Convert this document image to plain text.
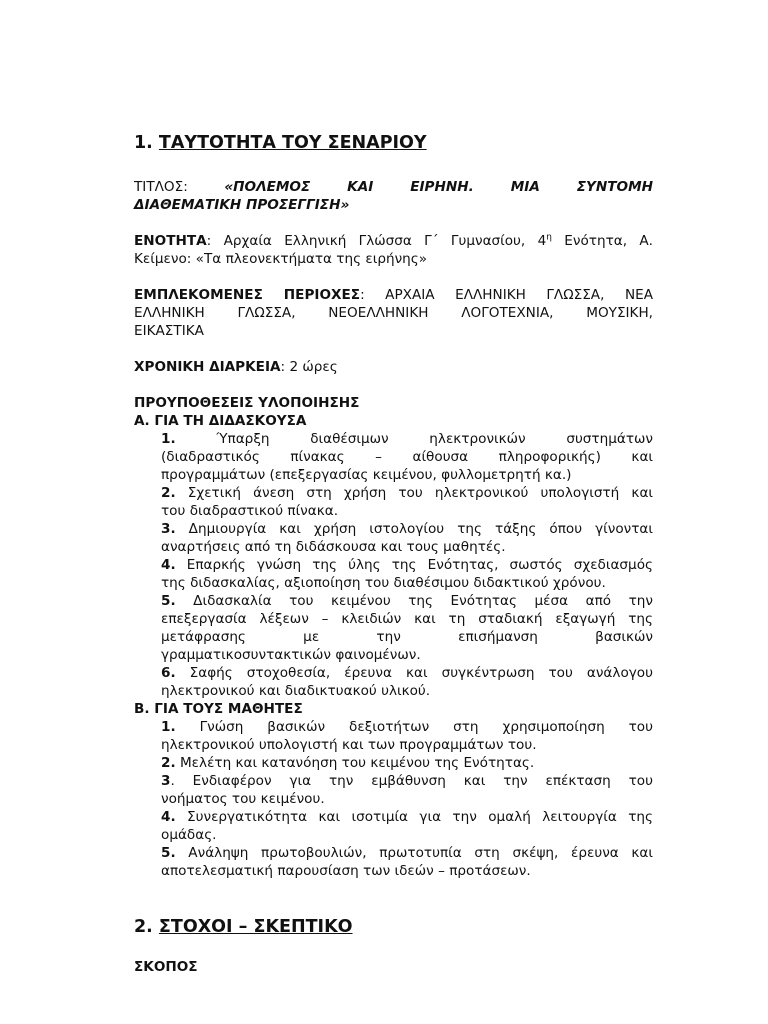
1. ΤΑΥΤΟΤΗΤΑ ΤΟΥ ΣΕΝΑΡΙΟΥ
ΤΙΤΛΟΣ:	«ΠΟΛΕΜΟΣ ΚΑΙ ΕΙΡΗΝΗ. ΜΙΑ ΣΥΝΤΟΜΗ
ΔΙΑΘΕΜΑΤΙΚΗ ΠΡΟΣΕΓΓΙΣΗ»
ΕΝΟΤΗΤΑ: Αρχαία Ελληνική Γλώσσα Γ΄ Γυμνασίου, $4^\eta$ Ενότητα, Α.
Κείμενο: «Τα πλεονεκτήματα της ειρήνης»
ΕΜΠΛΕΚΟΜΕΝΕΣ ΠΕΡΙΟΧΕΣ: ΑΡΧΑΙΑ ΕΛΛΗΝΙΚΗ ΓΛΩΣΣΑ, ΝΕΑ
ΕΛΛΗΝΙΚΗ ΓΛΩΣΣΑ, ΝΕΟΕΛΛΗΝΙΚΗ ΛΟΓΟΤΕΧΝΙΑ, ΜΟΥΣΙΚΗ,
ΕΙΚΑΣΤΙΚΑ
ΧΡΟΝΙΚΗ ΔΙΑΡΚΕΙΑ: 2 ώρες
ΠΡΟΥΠΟΘΕΣΕΙΣ ΥΛΟΠΟΙΗΣΗΣ
Α. ΓΙΑ ΤΗ ΔΙΔΑΣΚΟΥΣΑ
1.	Ύπαρξη διαθέσιμων ηλεκτρονικών συστημάτων
(διαδραστικός πίνακας – αίθουσα πληροφορικής) και
προγραμμάτων (επεξεργασίας κειμένου, φυλλομετρητή κα.)
2. Σχετική άνεση στη χρήση του ηλεκτρονικού υπολογιστή και
του διαδραστικού πίνακα.
3. Δημιουργία και χρήση ιστολογίου της τάξης όπου γίνονται
αναρτήσεις από τη διδάσκουσα και τους μαθητές.
4. Επαρκής γνώση της ύλης της Ενότητας, σωστός σχεδιασμός
της διδασκαλίας, αξιοποίηση του διαθέσιμου διδακτικού χρόνου.
5. Διδασκαλία του κειμένου της Ενότητας μέσα από την
επεξεργασία λέξεων – κλειδιών και τη σταδιακή εξαγωγή της
μετάφρασης με την επισήμανση βασικών
γραμματικοσυντακτικών φαινομένων.
6. Σαφής στοχοθεσία, έρευνα και συγκέντρωση του ανάλογου
ηλεκτρονικού και διαδικτυακού υλικού.
Β. ΓΙΑ ΤΟΥΣ ΜΑΘΗΤΕΣ
1. Γνώση βασικών δεξιοτήτων στη χρησιμοποίηση του
ηλεκτρονικού υπολογιστή και των προγραμμάτων του.
2. Μελέτη και κατανόηση του κειμένου της Ενότητας.
3. Ενδιαφέρον για την εμβάθυνση και την επέκταση του
νοήματος του κειμένου.
4. Συνεργατικότητα και ισοτιμία για την ομαλή λειτουργία της
ομάδας.
5. Ανάληψη πρωτοβουλιών, πρωτοτυπία στη σκέψη, έρευνα και
αποτελεσματική παρουσίαση των ιδεών – προτάσεων.
2. ΣΤΟΧΟΙ – ΣΚΕΠΤΙΚΟ
ΣΚΟΠΟΣ
